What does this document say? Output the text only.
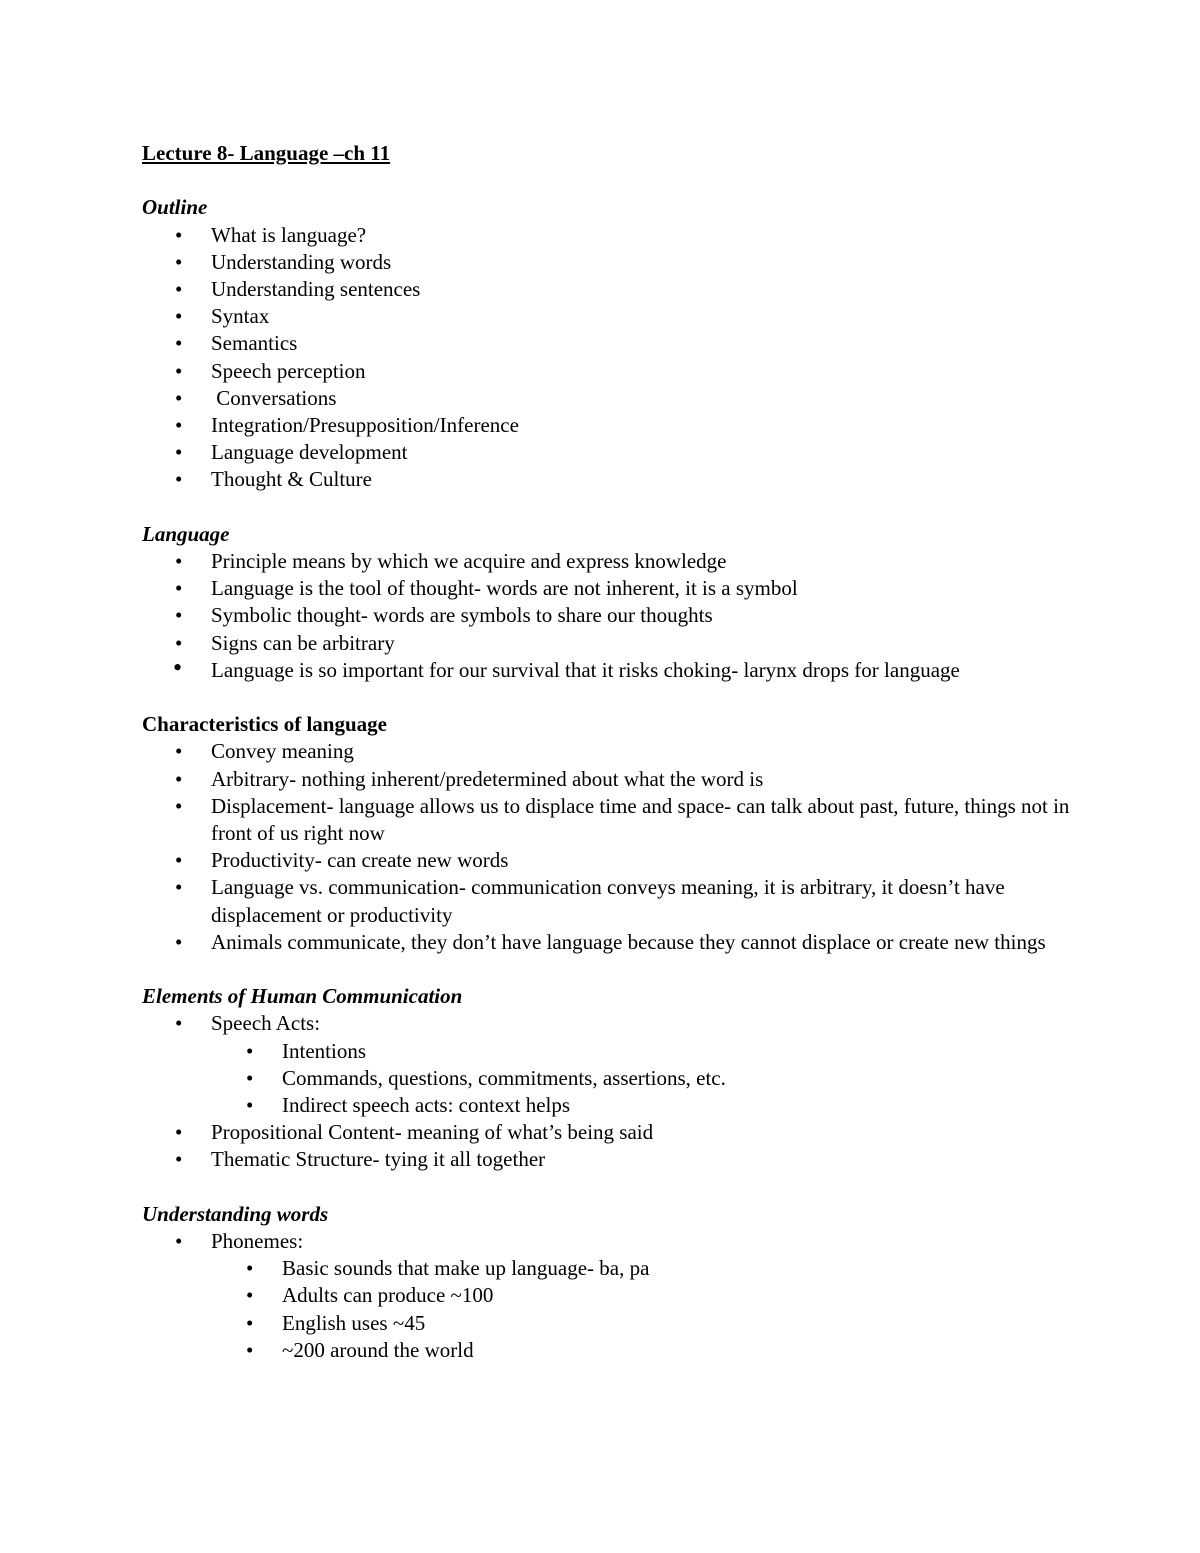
Lecture 8- Language –ch 11

Outline

•	What is language?
•	Understanding words
•	Understanding sentences
•	Syntax
•	Semantics
•	Speech perception
•	Conversations
•	Integration/Presupposition/Inference
•	Language development
•	Thought & Culture

Language

•	Principle means by which we acquire and express knowledge
•	Language is the tool of thought- words are not inherent, it is a symbol
•	Symbolic thought- words are symbols to share our thoughts
•	Signs can be arbitrary
•	Language is so important for our survival that it risks choking- larynx drops for language

Characteristics of language

•	Convey meaning
•	Arbitrary- nothing inherent/predetermined about what the word is
•	Displacement- language allows us to displace time and space- can talk about past, future, things not in front of us right now
•	Productivity- can create new words
•	Language vs. communication- communication conveys meaning, it is arbitrary, it doesn’t have displacement or productivity
•	Animals communicate, they don’t have language because they cannot displace or create new things

Elements of Human Communication

•	Speech Acts:
•	Intentions
•	Commands, questions, commitments, assertions, etc.
•	Indirect speech acts: context helps
•	Propositional Content- meaning of what’s being said
•	Thematic Structure- tying it all together

Understanding words

•	Phonemes:
•	Basic sounds that make up language- ba, pa
•	Adults can produce ~100
•	English uses ~45
•	~200 around the world
